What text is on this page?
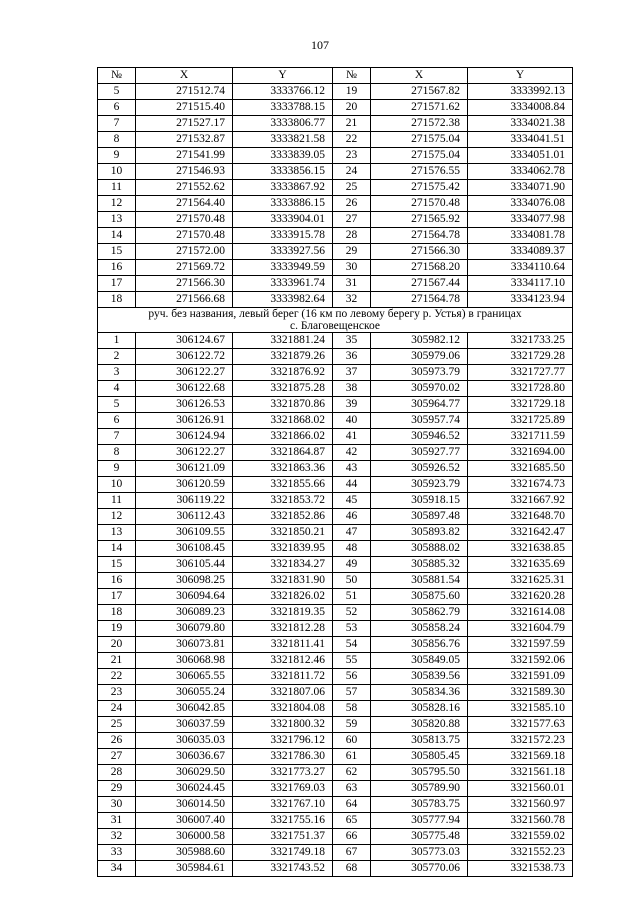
107
№	X	Y	№	X	Y
5	271512.74	3333766.12	19	271567.82	3333992.13
6	271515.40	3333788.15	20	271571.62	3334008.84
7	271527.17	3333806.77	21	271572.38	3334021.38
8	271532.87	3333821.58	22	271575.04	3334041.51
9	271541.99	3333839.05	23	271575.04	3334051.01
10	271546.93	3333856.15	24	271576.55	3334062.78
11	271552.62	3333867.92	25	271575.42	3334071.90
12	271564.40	3333886.15	26	271570.48	3334076.08
13	271570.48	3333904.01	27	271565.92	3334077.98
14	271570.48	3333915.78	28	271564.78	3334081.78
15	271572.00	3333927.56	29	271566.30	3334089.37
16	271569.72	3333949.59	30	271568.20	3334110.64
17	271566.30	3333961.74	31	271567.44	3334117.10
18	271566.68	3333982.64	32	271564.78	3334123.94
руч. без названия, левый берег (16 км по левому берегу р. Устья) в границах
с. Благовещенское					
1	306124.67	3321881.24	35	305982.12	3321733.25
2	306122.72	3321879.26	36	305979.06	3321729.28
3	306122.27	3321876.92	37	305973.79	3321727.77
4	306122.68	3321875.28	38	305970.02	3321728.80
5	306126.53	3321870.86	39	305964.77	3321729.18
6	306126.91	3321868.02	40	305957.74	3321725.89
7	306124.94	3321866.02	41	305946.52	3321711.59
8	306122.27	3321864.87	42	305927.77	3321694.00
9	306121.09	3321863.36	43	305926.52	3321685.50
10	306120.59	3321855.66	44	305923.79	3321674.73
11	306119.22	3321853.72	45	305918.15	3321667.92
12	306112.43	3321852.86	46	305897.48	3321648.70
13	306109.55	3321850.21	47	305893.82	3321642.47
14	306108.45	3321839.95	48	305888.02	3321638.85
15	306105.44	3321834.27	49	305885.32	3321635.69
16	306098.25	3321831.90	50	305881.54	3321625.31
17	306094.64	3321826.02	51	305875.60	3321620.28
18	306089.23	3321819.35	52	305862.79	3321614.08
19	306079.80	3321812.28	53	305858.24	3321604.79
20	306073.81	3321811.41	54	305856.76	3321597.59
21	306068.98	3321812.46	55	305849.05	3321592.06
22	306065.55	3321811.72	56	305839.56	3321591.09
23	306055.24	3321807.06	57	305834.36	3321589.30
24	306042.85	3321804.08	58	305828.16	3321585.10
25	306037.59	3321800.32	59	305820.88	3321577.63
26	306035.03	3321796.12	60	305813.75	3321572.23
27	306036.67	3321786.30	61	305805.45	3321569.18
28	306029.50	3321773.27	62	305795.50	3321561.18
29	306024.45	3321769.03	63	305789.90	3321560.01
30	306014.50	3321767.10	64	305783.75	3321560.97
31	306007.40	3321755.16	65	305777.94	3321560.78
32	306000.58	3321751.37	66	305775.48	3321559.02
33	305988.60	3321749.18	67	305773.03	3321552.23
34	305984.61	3321743.52	68	305770.06	3321538.73
